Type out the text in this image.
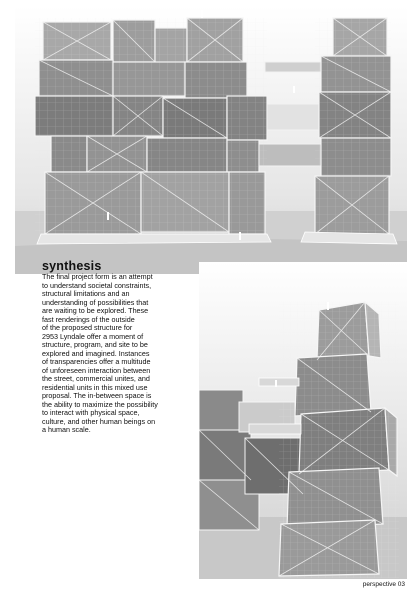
synthesis
The final project form is an attempt
to understand societal constraints,
structural limitations and an
understanding of possibilities that
are waiting to be explored. These
fast renderings of the outside
of the proposed structure for
2953 Lyndale offer a moment of
structure, program, and site to be
explored and imagined. Instances
of transparencies offer a multitude
of unforeseen interaction between
the street, commercial unites, and
residential units in this mixed use
proposal. The in-between space is
the ability to maximize the possibility
to interact with physical space,
culture, and other human beings on
a human scale.
perspective 03
